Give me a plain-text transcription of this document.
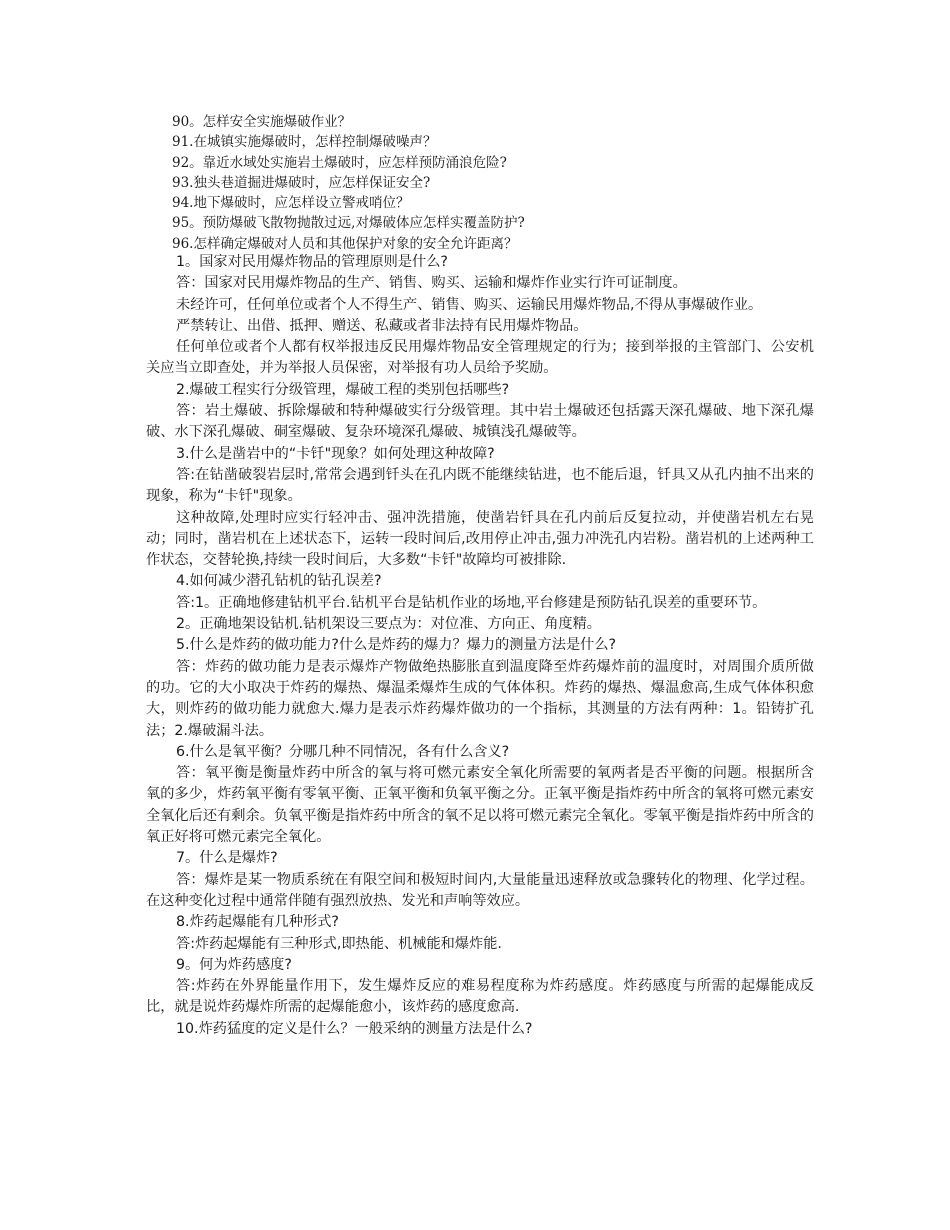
90。怎样安全实施爆破作业？

91.在城镇实施爆破时，怎样控制爆破噪声？

92。靠近水域处实施岩土爆破时，应怎样预防涌浪危险?

93.独头巷道掘进爆破时，应怎样保证安全?

94.地下爆破时，应怎样设立警戒哨位？

95。预防爆破飞散物抛散过远,对爆破体应怎样实覆盖防护?

96.怎样确定爆破对人员和其他保护对象的安全允许距离？

1。国家对民用爆炸物品的管理原则是什么?

答：国家对民用爆炸物品的生产、销售、购买、运输和爆炸作业实行许可证制度。

未经许可，任何单位或者个人不得生产、销售、购买、运输民用爆炸物品,不得从事爆破作业。

严禁转让、出借、抵押、赠送、私藏或者非法持有民用爆炸物品。

任何单位或者个人都有权举报违反民用爆炸物品安全管理规定的行为；接到举报的主管部门、公安机关应当立即查处，并为举报人员保密，对举报有功人员给予奖励。

2.爆破工程实行分级管理，爆破工程的类别包括哪些?

答：岩土爆破、拆除爆破和特种爆破实行分级管理。其中岩土爆破还包括露天深孔爆破、地下深孔爆破、水下深孔爆破、硐室爆破、复杂环境深孔爆破、城镇浅孔爆破等。

3.什么是凿岩中的“卡钎"现象？如何处理这种故障?

答:在钻凿破裂岩层时,常常会遇到钎头在孔内既不能继续钻进，也不能后退，钎具又从孔内抽不出来的现象，称为“卡钎"现象。

这种故障,处理时应实行轻冲击、强冲洗措施，使凿岩钎具在孔内前后反复拉动，并使凿岩机左右晃动；同时，凿岩机在上述状态下，运转一段时间后,改用停止冲击,强力冲洗孔内岩粉。凿岩机的上述两种工作状态，交替轮换,持续一段时间后，大多数“卡钎"故障均可被排除.

4.如何减少潜孔钻机的钻孔误差?

答:1。正确地修建钻机平台.钻机平台是钻机作业的场地,平台修建是预防钻孔误差的重要环节。

2。正确地架设钻机.钻机架设三要点为：对位准、方向正、角度精。

5.什么是炸药的做功能力?什么是炸药的爆力？爆力的测量方法是什么?

答：炸药的做功能力是表示爆炸产物做绝热膨胀直到温度降至炸药爆炸前的温度时，对周围介质所做的功。它的大小取决于炸药的爆热、爆温柔爆炸生成的气体体积。炸药的爆热、爆温愈高,生成气体体积愈大，则炸药的做功能力就愈大.爆力是表示炸药爆炸做功的一个指标，其测量的方法有两种：1。铅铸扩孔法；2.爆破漏斗法。

6.什么是氧平衡？分哪几种不同情况，各有什么含义?

答：氧平衡是衡量炸药中所含的氧与将可燃元素安全氧化所需要的氧两者是否平衡的问题。根据所含氧的多少，炸药氧平衡有零氧平衡、正氧平衡和负氧平衡之分。正氧平衡是指炸药中所含的氧将可燃元素安全氧化后还有剩余。负氧平衡是指炸药中所含的氧不足以将可燃元素完全氧化。零氧平衡是指炸药中所含的氧正好将可燃元素完全氧化。

7。什么是爆炸?

答：爆炸是某一物质系统在有限空间和极短时间内,大量能量迅速释放或急骤转化的物理、化学过程。在这种变化过程中通常伴随有强烈放热、发光和声响等效应。

8.炸药起爆能有几种形式?

答:炸药起爆能有三种形式,即热能、机械能和爆炸能.

9。何为炸药感度?

答:炸药在外界能量作用下，发生爆炸反应的难易程度称为炸药感度。炸药感度与所需的起爆能成反比，就是说炸药爆炸所需的起爆能愈小，该炸药的感度愈高.

10.炸药猛度的定义是什么？一般采纳的测量方法是什么?
